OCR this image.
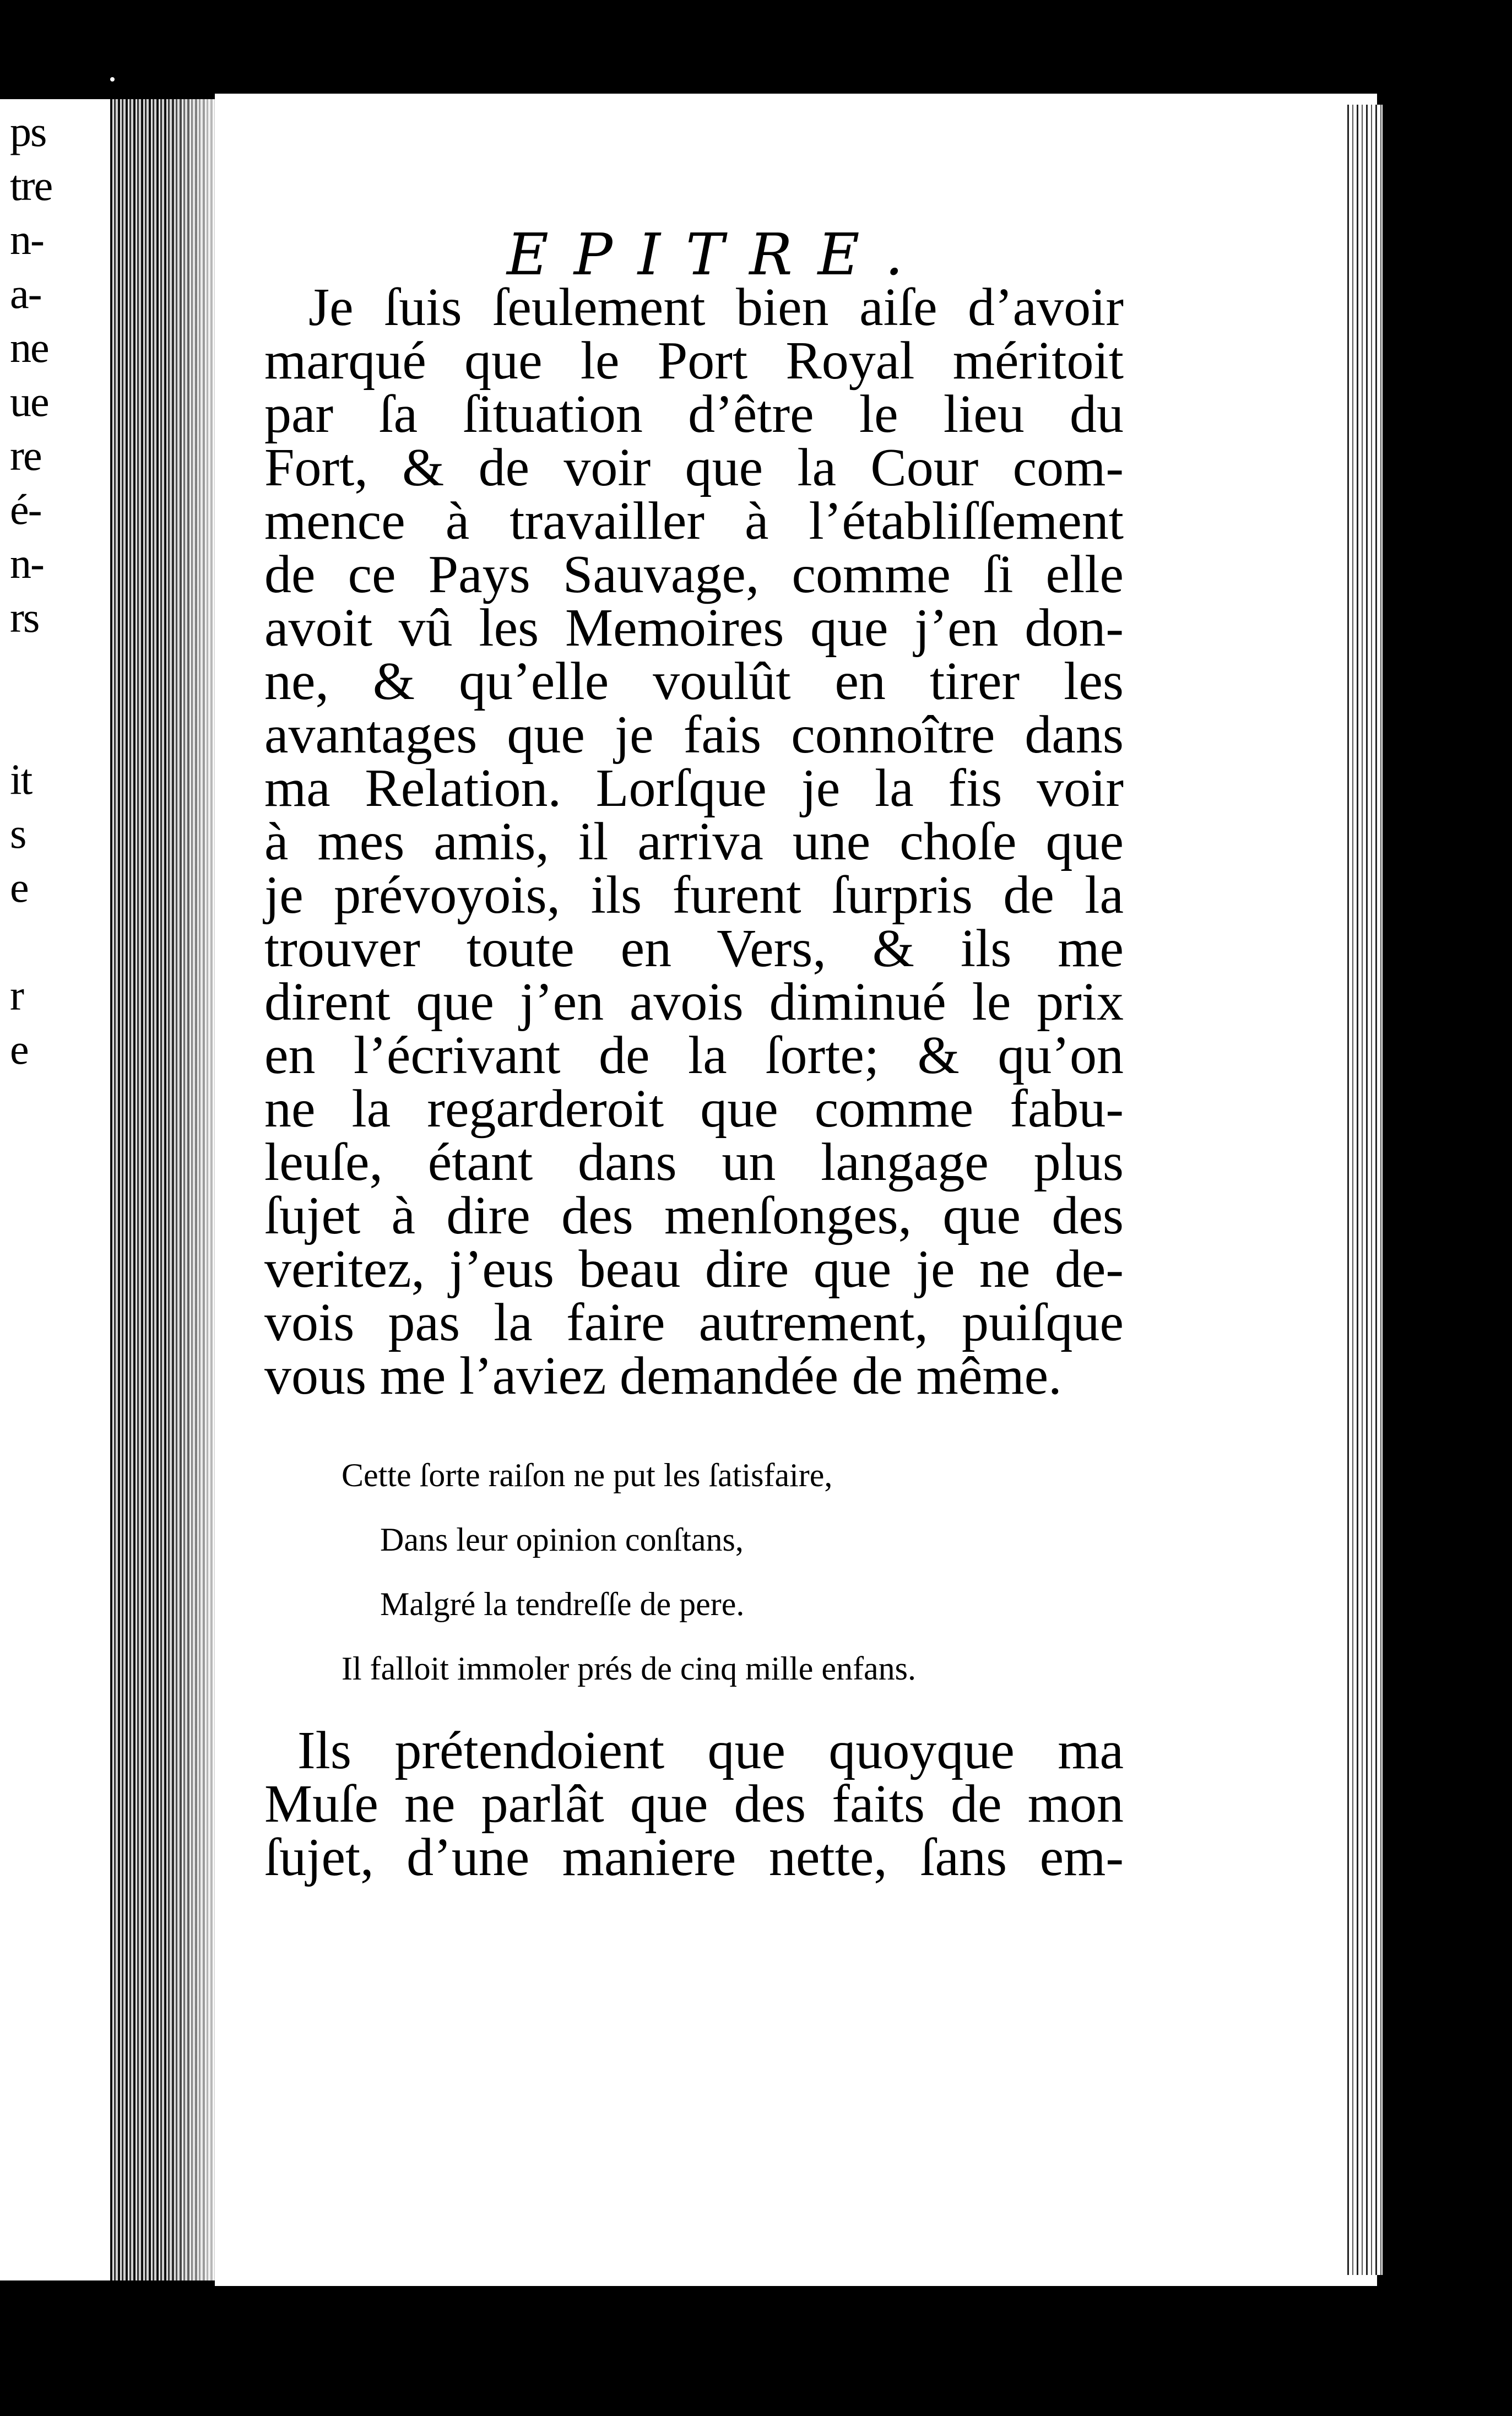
ps
tre
n-
a-
ne
ue
re
é-
n-
rs
it
s
e
r
e
EPITRE.
Je ſuis ſeulement bien aiſe d’avoir
marqué que le Port Royal méritoit
par ſa ſituation d’être le lieu du
Fort, & de voir que la Cour com-
mence à travailler à l’établiſſement
de ce Pays Sauvage, comme ſi elle
avoit vû les Memoires que j’en don-
ne, & qu’elle voulût en tirer les
avantages que je fais connoître dans
ma Relation. Lorſque je la fis voir
à mes amis, il arriva une choſe que
je prévoyois, ils furent ſurpris de la
trouver toute en Vers, & ils me
dirent que j’en avois diminué le prix
en l’écrivant de la ſorte; & qu’on
ne la regarderoit que comme fabu-
leuſe, étant dans un langage plus
ſujet à dire des menſonges, que des
veritez, j’eus beau dire que je ne de-
vois pas la faire autrement, puiſque
vous me l’aviez demandée de même.
Cette ſorte raiſon ne put les ſatisfaire,
Dans leur opinion conſtans,
Malgré la tendreſſe de pere.
Il falloit immoler prés de cinq mille enfans.
Ils prétendoient que quoyque ma
Muſe ne parlât que des faits de mon
ſujet, d’une maniere nette, ſans em-
